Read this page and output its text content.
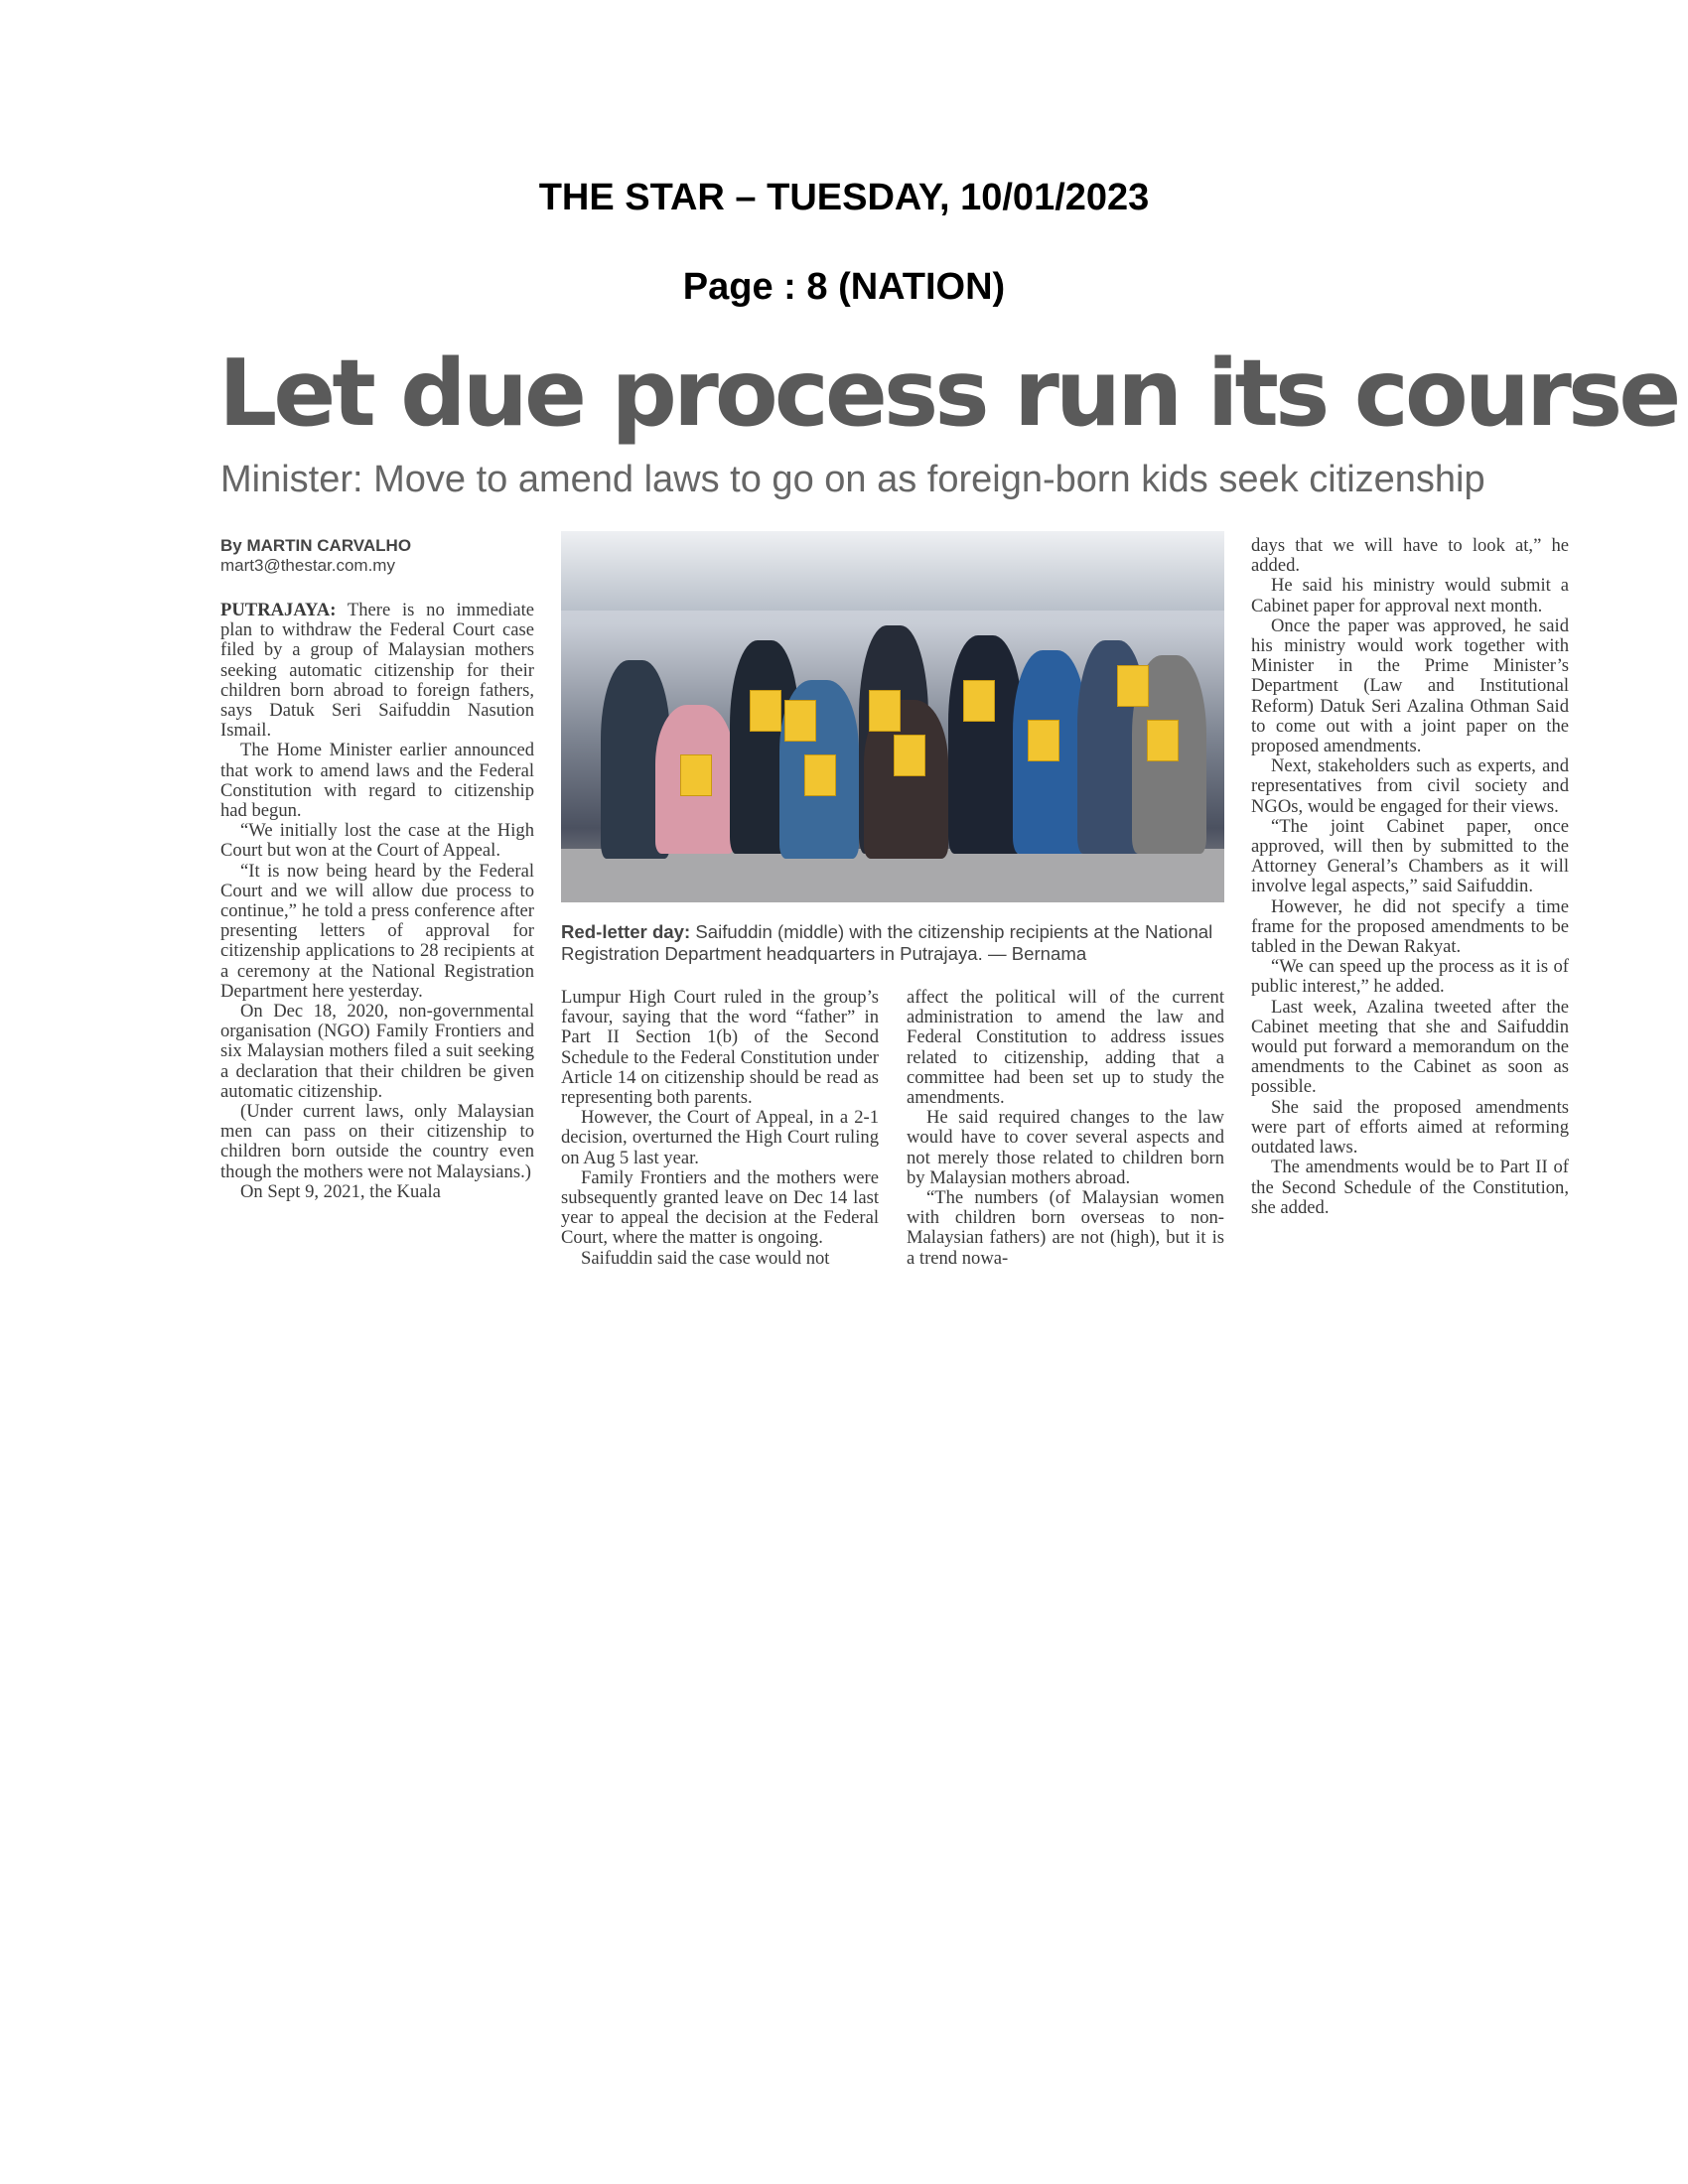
THE STAR – TUESDAY, 10/01/2023
Page : 8 (NATION)
Let due process run its course
Minister: Move to amend laws to go on as foreign-born kids seek citizenship
By MARTIN CARVALHO
mart3@thestar.com.my

PUTRAJAYA: There is no immediate plan to withdraw the Federal Court case filed by a group of Malaysian mothers seeking automatic citizenship for their children born abroad to foreign fathers, says Datuk Seri Saifuddin Nasution Ismail.

The Home Minister earlier announced that work to amend laws and the Federal Constitution with regard to citizenship had begun.

“We initially lost the case at the High Court but won at the Court of Appeal.

“It is now being heard by the Federal Court and we will allow due process to continue,” he told a press conference after presenting letters of approval for citizenship applications to 28 recipients at a ceremony at the National Registration Department here yesterday.

On Dec 18, 2020, non-governmental organisation (NGO) Family Frontiers and six Malaysian mothers filed a suit seeking a declaration that their children be given automatic citizenship.

(Under current laws, only Malaysian men can pass on their citizenship to children born outside the country even though the mothers were not Malaysians.)

On Sept 9, 2021, the Kuala

Red-letter day: Saifuddin (middle) with the citizenship recipients at the National Registration Department headquarters in Putrajaya. — Bernama

Lumpur High Court ruled in the group’s favour, saying that the word “father” in Part II Section 1(b) of the Second Schedule to the Federal Constitution under Article 14 on citizenship should be read as representing both parents.

However, the Court of Appeal, in a 2-1 decision, overturned the High Court ruling on Aug 5 last year.

Family Frontiers and the mothers were subsequently granted leave on Dec 14 last year to appeal the decision at the Federal Court, where the matter is ongoing.

Saifuddin said the case would not

affect the political will of the current administration to amend the law and Federal Constitution to address issues related to citizenship, adding that a committee had been set up to study the amendments.

He said required changes to the law would have to cover several aspects and not merely those related to children born by Malaysian mothers abroad.

“The numbers (of Malaysian women with children born overseas to non-Malaysian fathers) are not (high), but it is a trend nowa-

days that we will have to look at,” he added.

He said his ministry would submit a Cabinet paper for approval next month.

Once the paper was approved, he said his ministry would work together with Minister in the Prime Minister’s Department (Law and Institutional Reform) Datuk Seri Azalina Othman Said to come out with a joint paper on the proposed amendments.

Next, stakeholders such as experts, and representatives from civil society and NGOs, would be engaged for their views.

“The joint Cabinet paper, once approved, will then by submitted to the Attorney General’s Chambers as it will involve legal aspects,” said Saifuddin.

However, he did not specify a time frame for the proposed amendments to be tabled in the Dewan Rakyat.

“We can speed up the process as it is of public interest,” he added.

Last week, Azalina tweeted after the Cabinet meeting that she and Saifuddin would put forward a memorandum on the amendments to the Cabinet as soon as possible.

She said the proposed amendments were part of efforts aimed at reforming outdated laws.

The amendments would be to Part II of the Second Schedule of the Constitution, she added.
